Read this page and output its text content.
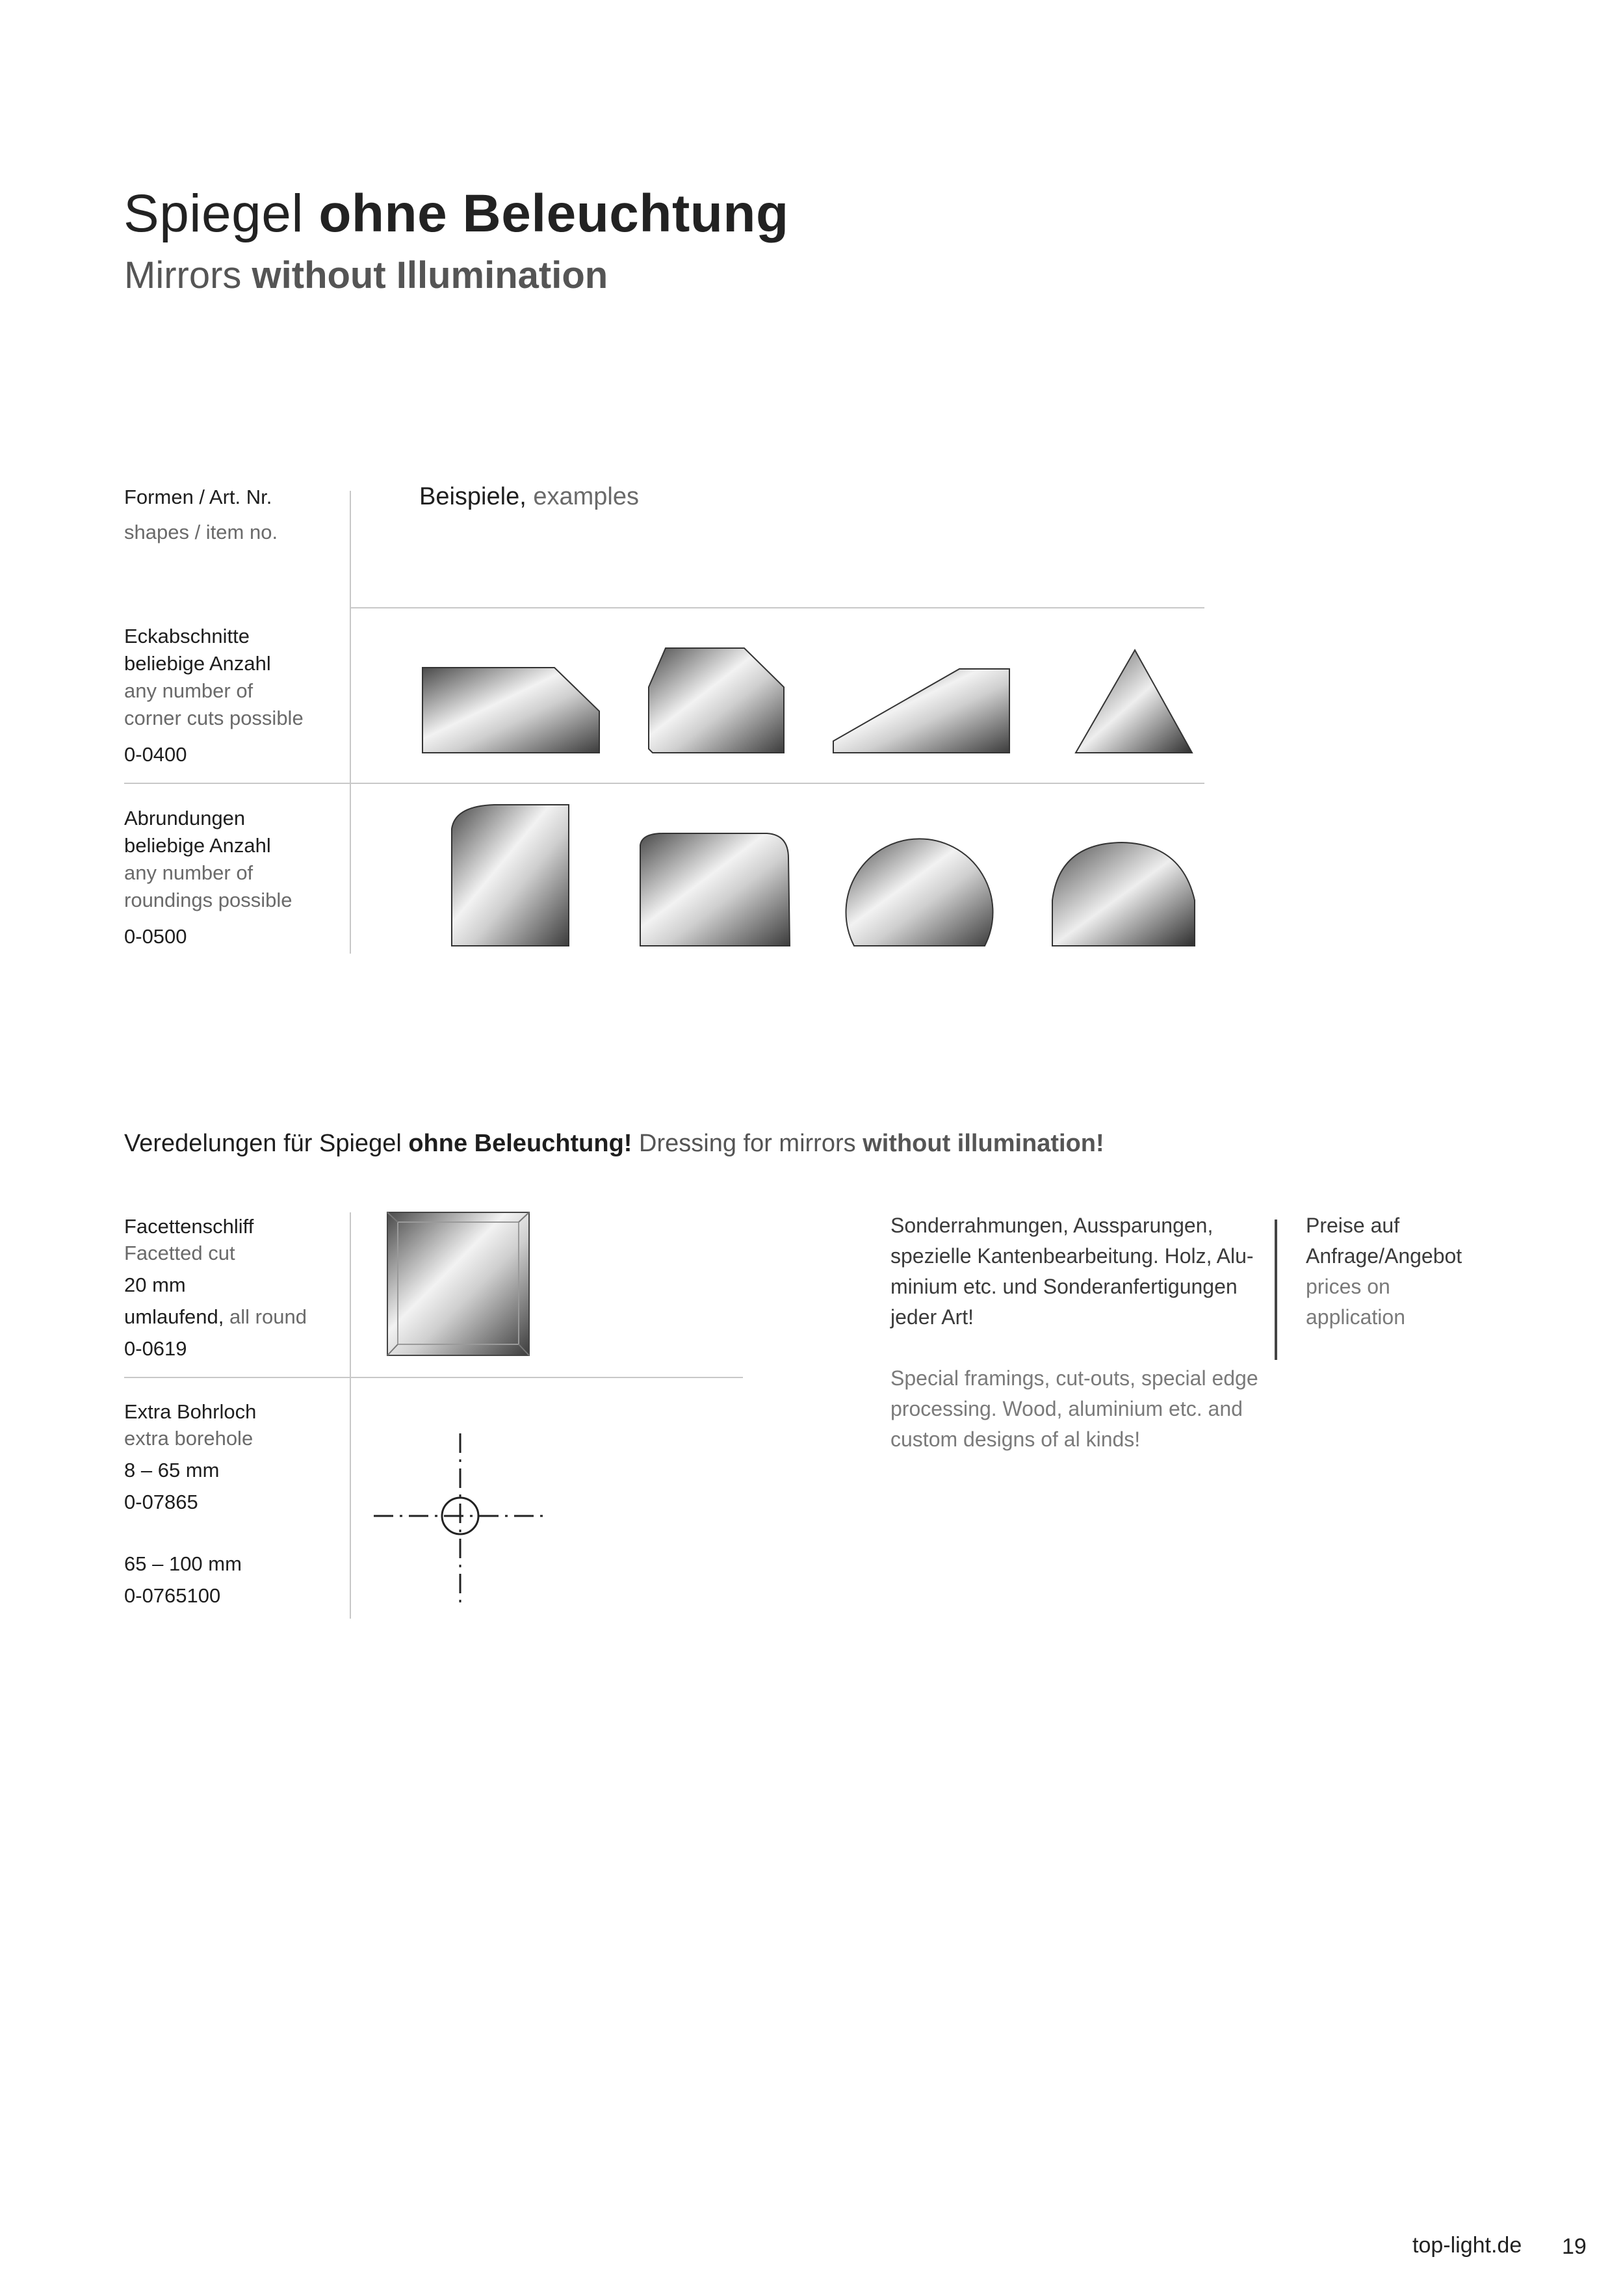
Spiegel ohne Beleuchtung
Mirrors without Illumination
Formen / Art. Nr.
shapes / item no.
Beispiele, examples
Eckabschnitte
beliebige Anzahl
any number of
corner cuts possible
0-0400
Abrundungen
beliebige Anzahl
any number of
roundings possible
0-0500
Veredelungen für Spiegel ohne Beleuchtung! Dressing for mirrors without illumination!
Facettenschliff
Facetted cut
20 mm
umlaufend, all round
0-0619
Extra Bohrloch
extra borehole
8 – 65 mm
0-07865
65 – 100 mm
0-0765100
Sonderrahmungen, Aussparungen,
spezielle Kantenbearbeitung. Holz, Alu-
minium etc. und Sonderanfertigungen
jeder Art!
Special framings, cut-outs, special edge
processing. Wood, aluminium etc. and
custom designs of al kinds!
Preise auf
Anfrage/Angebot
prices on
application
top-light.de 19
